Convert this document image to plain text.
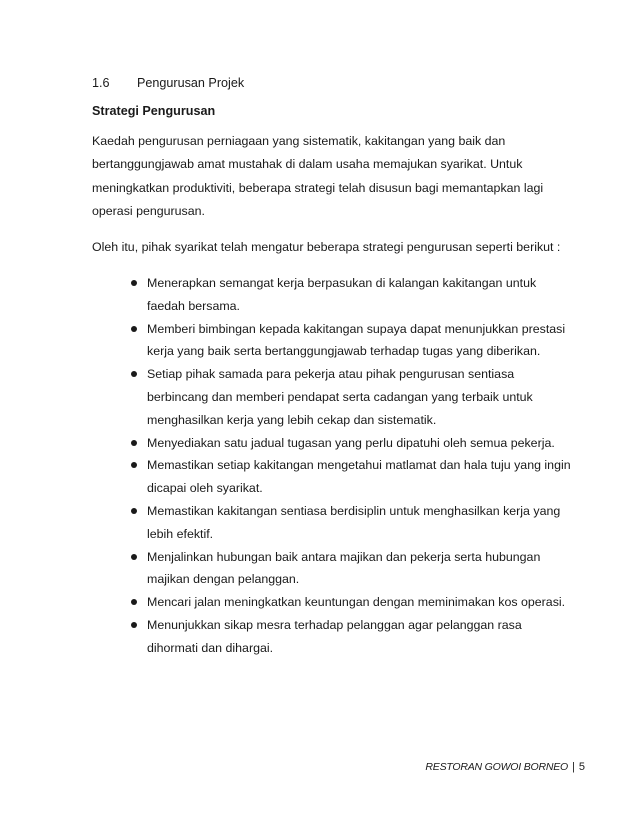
1.6	Pengurusan Projek
Strategi Pengurusan

Kaedah pengurusan perniagaan yang sistematik, kakitangan yang baik dan
bertanggungjawab amat mustahak di dalam usaha memajukan syarikat. Untuk
meningkatkan produktiviti, beberapa strategi telah disusun bagi memantapkan lagi
operasi pengurusan.

Oleh itu, pihak syarikat telah mengatur beberapa strategi pengurusan seperti berikut :

Menerapkan semangat kerja berpasukan di kalangan kakitangan untuk
faedah bersama.
Memberi bimbingan kepada kakitangan supaya dapat menunjukkan prestasi
kerja yang baik serta bertanggungjawab terhadap tugas yang diberikan.
Setiap pihak samada para pekerja atau pihak pengurusan sentiasa
berbincang dan memberi pendapat serta cadangan yang terbaik untuk
menghasilkan kerja yang lebih cekap dan sistematik.
Menyediakan satu jadual tugasan yang perlu dipatuhi oleh semua pekerja.
Memastikan setiap kakitangan mengetahui matlamat dan hala tuju yang ingin
dicapai oleh syarikat.
Memastikan kakitangan sentiasa berdisiplin untuk menghasilkan kerja yang
lebih efektif.
Menjalinkan hubungan baik antara majikan dan pekerja serta hubungan
majikan dengan pelanggan.
Mencari jalan meningkatkan keuntungan dengan meminimakan kos operasi.
Menunjukkan sikap mesra terhadap pelanggan agar pelanggan rasa
dihormati dan dihargai.
RESTORAN GOWOI BORNEO | 5
